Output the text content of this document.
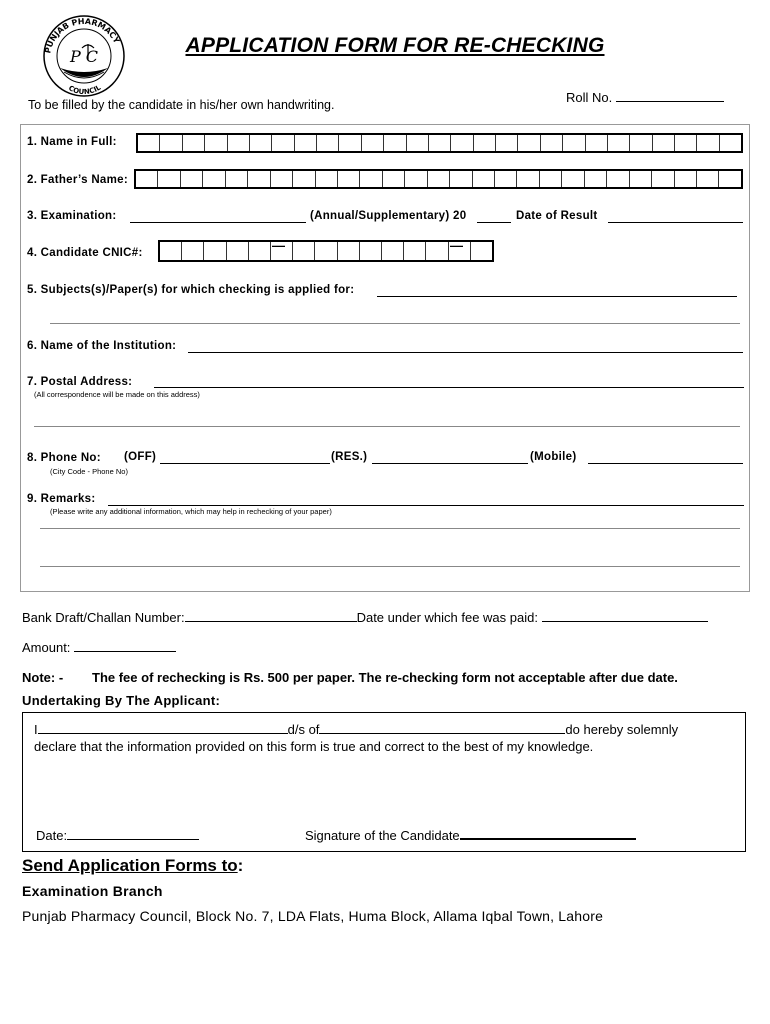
PUNJAB PHARMACY
COUNCIL
P C	APPLICATION FORM FOR RE-CHECKING
To be filled by the candidate in his/her own handwriting.	Roll No.
1. Name in Full:
2. Father’s Name:
3. Examination:	(Annual/Supplementary) 20	Date of Result
4. Candidate CNIC#:	—	—
5. Subjects(s)/Paper(s) for which checking is applied for:
6. Name of the Institution:
7. Postal Address:
(All correspondence will be made on this address)
8. Phone No: (OFF)	(RES.)	(Mobile)
(City Code - Phone No)
9. Remarks:
(Please write any additional information, which may help in rechecking of your paper)
Bank Draft/Challan Number:	Date under which fee was paid:
Amount:
Note: - The fee of rechecking is Rs. 500 per paper. The re-checking form not acceptable after due date.
Undertaking By The Applicant:
I	d/s of	do hereby solemnly
declare that the information provided on this form is true and correct to the best of my knowledge.
Date:	Signature of the Candidate
Send Application Forms to:
Examination Branch
Punjab Pharmacy Council, Block No. 7, LDA Flats, Huma Block, Allama Iqbal Town, Lahore
